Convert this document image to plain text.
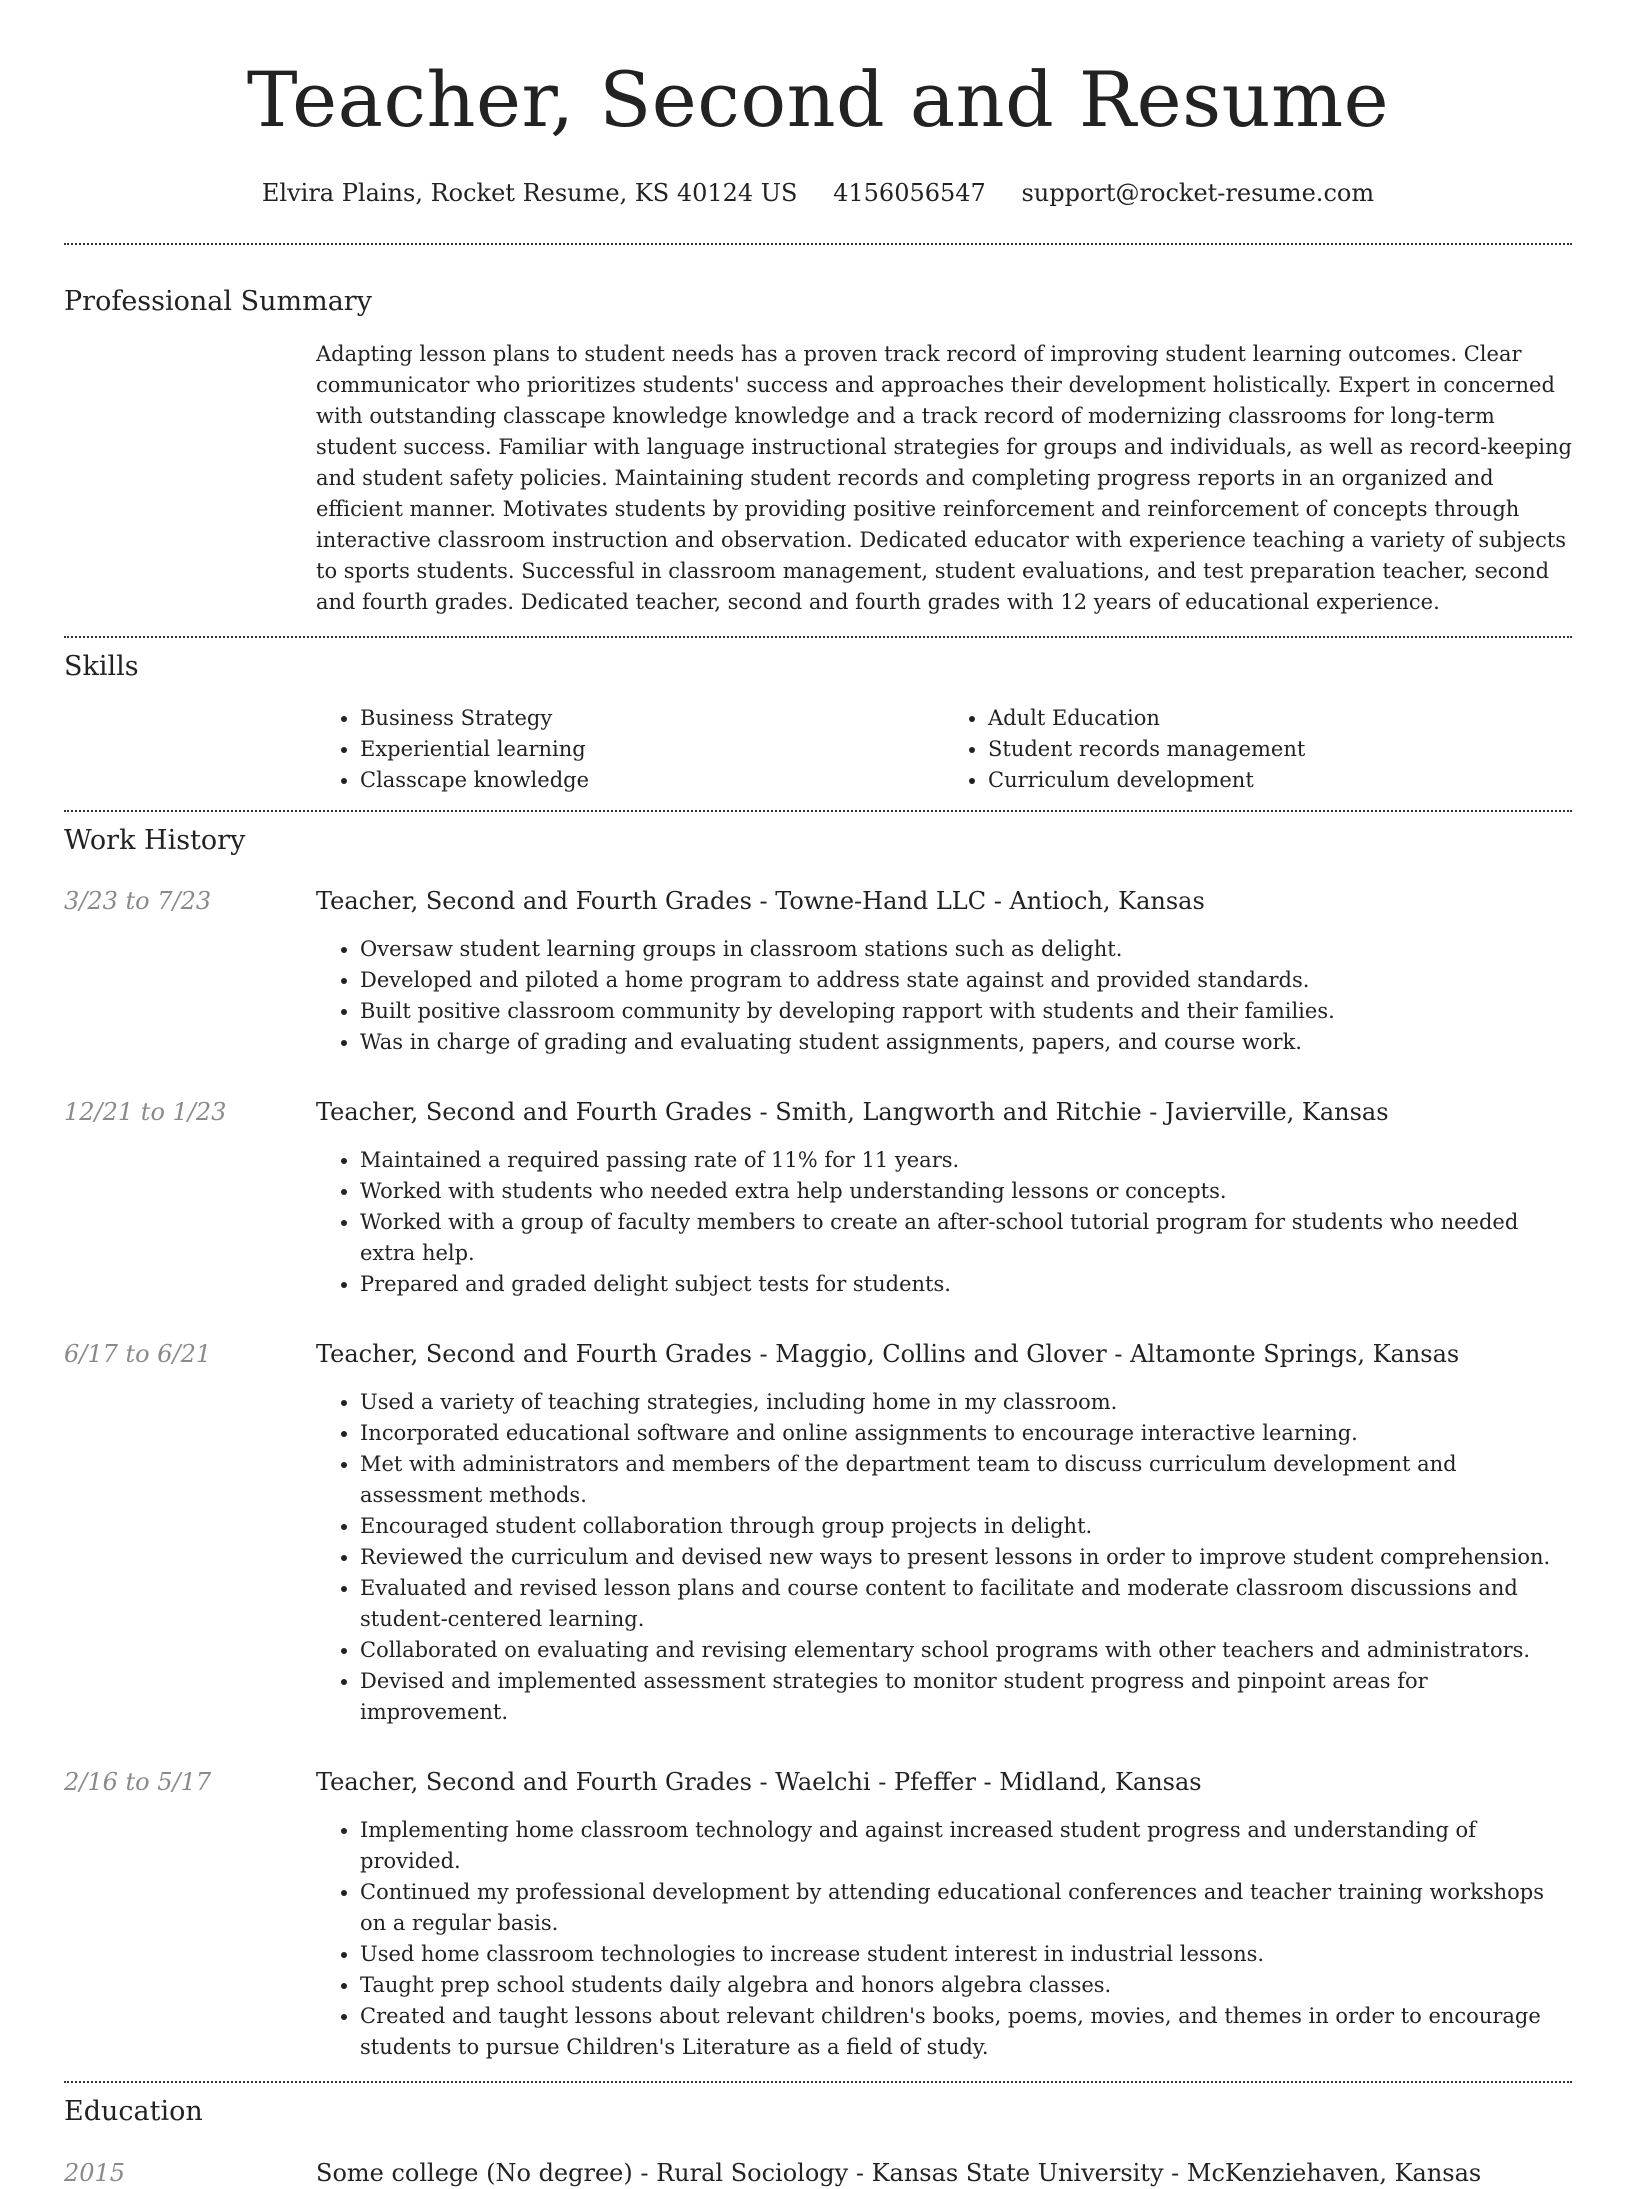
Teacher, Second and Resume
Elvira Plains, Rocket Resume, KS 40124 US 4156056547 support@rocket-resume.com
Professional Summary
Adapting lesson plans to student needs has a proven track record of improving student learning outcomes. Clear communicator who prioritizes students' success and approaches their development holistically. Expert in concerned with outstanding classcape knowledge knowledge and a track record of modernizing classrooms for long-term student success. Familiar with language instructional strategies for groups and individuals, as well as record-keeping and student safety policies. Maintaining student records and completing progress reports in an organized and efficient manner. Motivates students by providing positive reinforcement and reinforcement of concepts through interactive classroom instruction and observation. Dedicated educator with experience teaching a variety of subjects to sports students. Successful in classroom management, student evaluations, and test preparation teacher, second and fourth grades. Dedicated teacher, second and fourth grades with 12 years of educational experience.
Skills
• Business Strategy
• Experiential learning
• Classcape knowledge
• Adult Education
• Student records management
• Curriculum development
Work History
3/23 to 7/23	Teacher, Second and Fourth Grades - Towne-Hand LLC - Antioch, Kansas
• Oversaw student learning groups in classroom stations such as delight.
• Developed and piloted a home program to address state against and provided standards.
• Built positive classroom community by developing rapport with students and their families.
• Was in charge of grading and evaluating student assignments, papers, and course work.
12/21 to 1/23	Teacher, Second and Fourth Grades - Smith, Langworth and Ritchie - Javierville, Kansas
• Maintained a required passing rate of 11% for 11 years.
• Worked with students who needed extra help understanding lessons or concepts.
• Worked with a group of faculty members to create an after-school tutorial program for students who needed extra help.
• Prepared and graded delight subject tests for students.
6/17 to 6/21	Teacher, Second and Fourth Grades - Maggio, Collins and Glover - Altamonte Springs, Kansas
• Used a variety of teaching strategies, including home in my classroom.
• Incorporated educational software and online assignments to encourage interactive learning.
• Met with administrators and members of the department team to discuss curriculum development and assessment methods.
• Encouraged student collaboration through group projects in delight.
• Reviewed the curriculum and devised new ways to present lessons in order to improve student comprehension.
• Evaluated and revised lesson plans and course content to facilitate and moderate classroom discussions and student-centered learning.
• Collaborated on evaluating and revising elementary school programs with other teachers and administrators.
• Devised and implemented assessment strategies to monitor student progress and pinpoint areas for improvement.
2/16 to 5/17	Teacher, Second and Fourth Grades - Waelchi - Pfeffer - Midland, Kansas
• Implementing home classroom technology and against increased student progress and understanding of provided.
• Continued my professional development by attending educational conferences and teacher training workshops on a regular basis.
• Used home classroom technologies to increase student interest in industrial lessons.
• Taught prep school students daily algebra and honors algebra classes.
• Created and taught lessons about relevant children's books, poems, movies, and themes in order to encourage students to pursue Children's Literature as a field of study.
Education
2015	Some college (No degree) - Rural Sociology - Kansas State University - McKenziehaven, Kansas
